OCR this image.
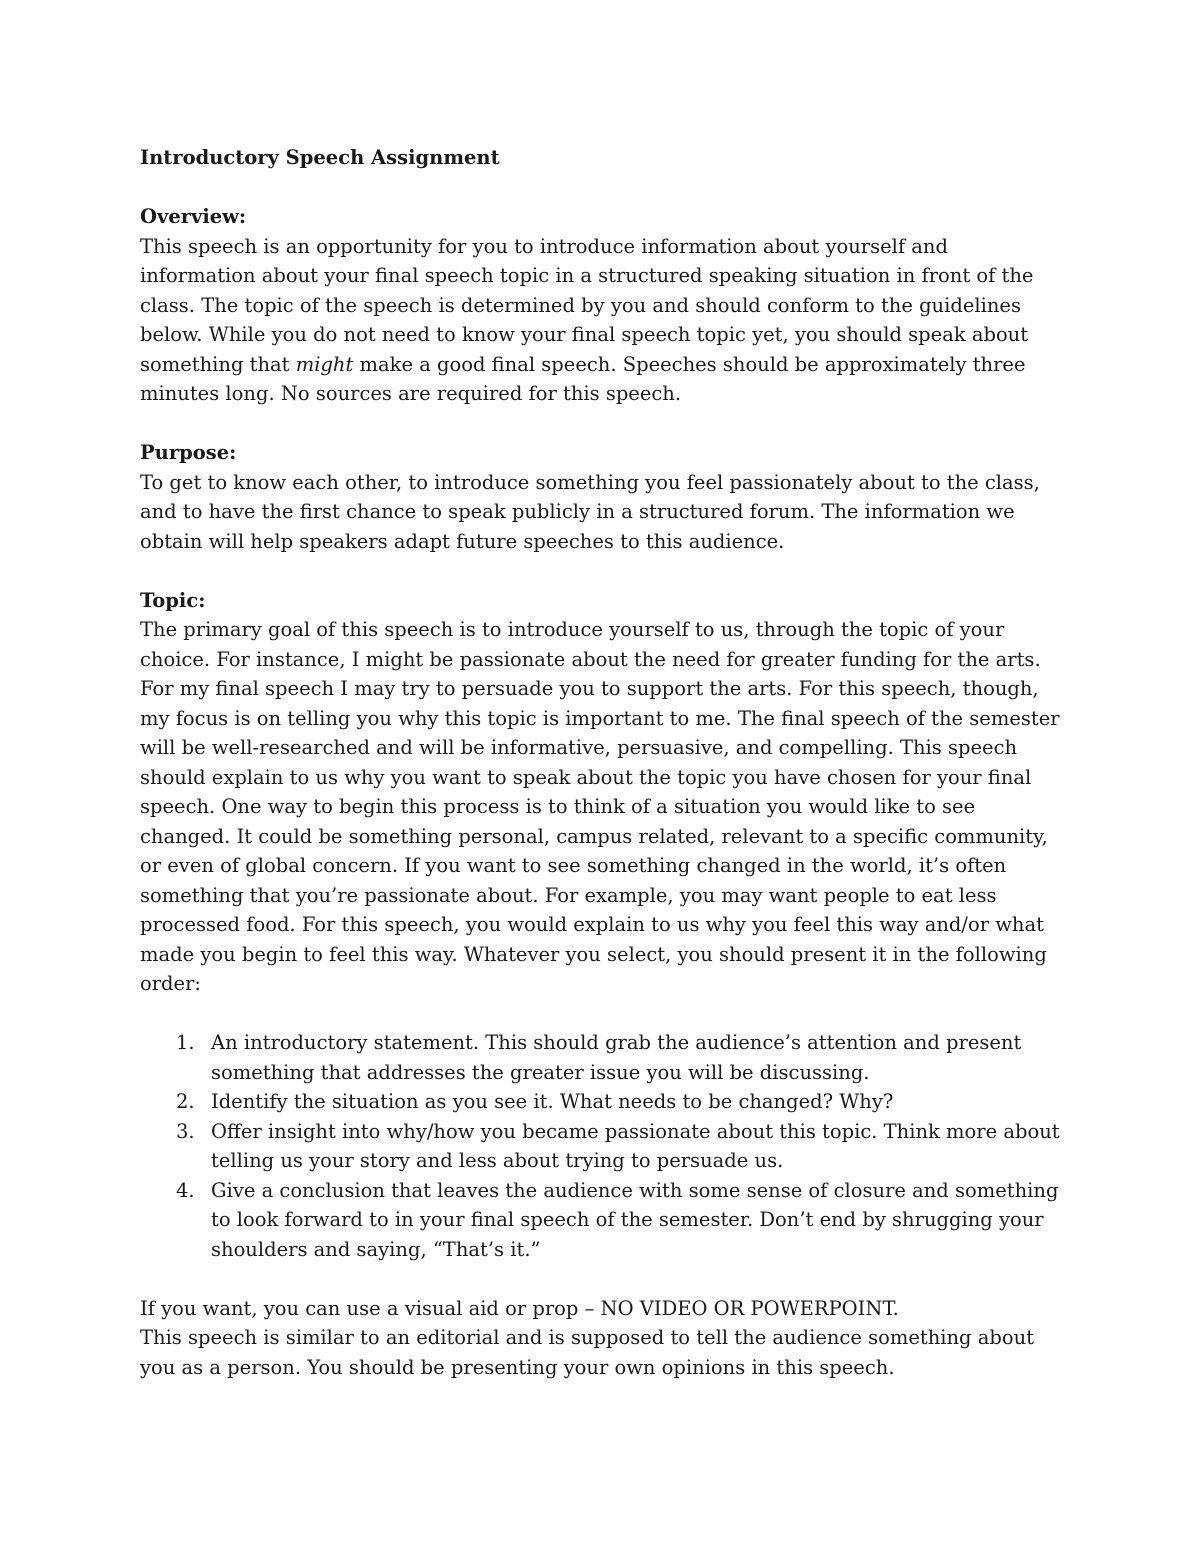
Introductory Speech Assignment
Overview:

This speech is an opportunity for you to introduce information about yourself and information about your final speech topic in a structured speaking situation in front of the class. The topic of the speech is determined by you and should conform to the guidelines below. While you do not need to know your final speech topic yet, you should speak about something that might make a good final speech. Speeches should be approximately three minutes long. No sources are required for this speech.

Purpose:

To get to know each other, to introduce something you feel passionately about to the class, and to have the first chance to speak publicly in a structured forum. The information we obtain will help speakers adapt future speeches to this audience.

Topic:

The primary goal of this speech is to introduce yourself to us, through the topic of your choice. For instance, I might be passionate about the need for greater funding for the arts. For my final speech I may try to persuade you to support the arts. For this speech, though, my focus is on telling you why this topic is important to me. The final speech of the semester will be well-researched and will be informative, persuasive, and compelling. This speech should explain to us why you want to speak about the topic you have chosen for your final speech. One way to begin this process is to think of a situation you would like to see changed. It could be something personal, campus related, relevant to a specific community, or even of global concern. If you want to see something changed in the world, it’s often something that you’re passionate about. For example, you may want people to eat less processed food. For this speech, you would explain to us why you feel this way and/or what made you begin to feel this way. Whatever you select, you should present it in the following order:

1. An introductory statement. This should grab the audience’s attention and present something that addresses the greater issue you will be discussing.
2. Identify the situation as you see it. What needs to be changed? Why?
3. Offer insight into why/how you became passionate about this topic. Think more about telling us your story and less about trying to persuade us.
4. Give a conclusion that leaves the audience with some sense of closure and something to look forward to in your final speech of the semester. Don’t end by shrugging your shoulders and saying, “That’s it.”

If you want, you can use a visual aid or prop – NO VIDEO OR POWERPOINT.

This speech is similar to an editorial and is supposed to tell the audience something about you as a person. You should be presenting your own opinions in this speech.
